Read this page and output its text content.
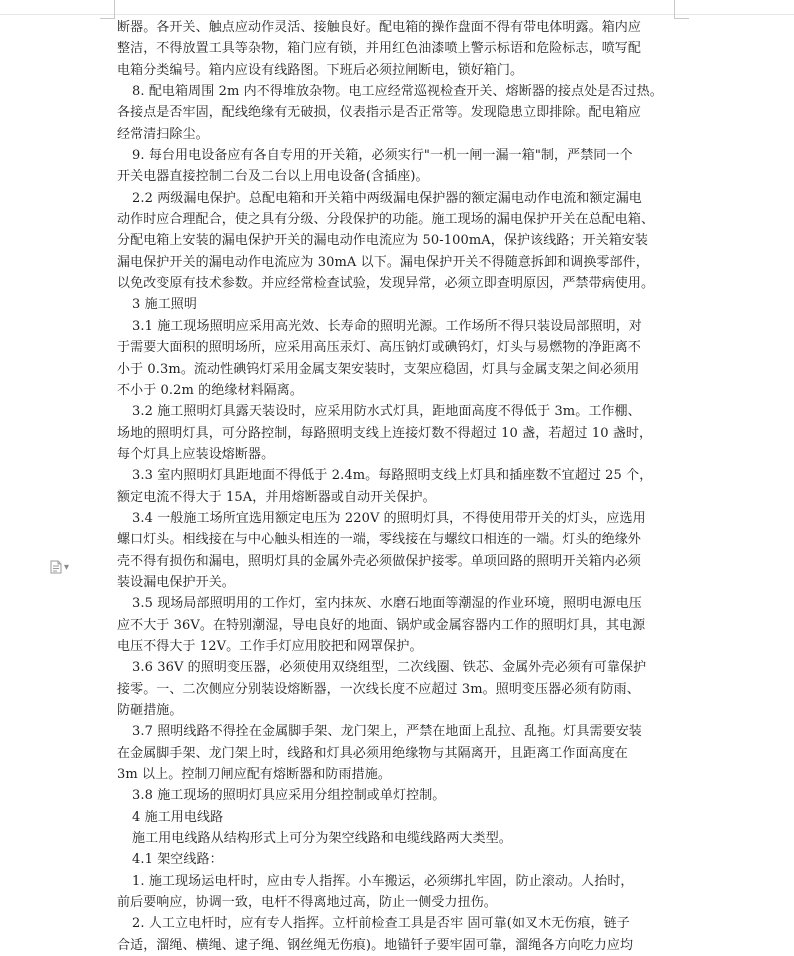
断器。各开关、触点应动作灵活、接触良好。配电箱的操作盘面不得有带电体明露。箱内应
整洁，不得放置工具等杂物，箱门应有锁，并用红色油漆喷上警示标语和危险标志，喷写配
电箱分类编号。箱内应设有线路图。下班后必须拉闸断电，锁好箱门。
8. 配电箱周围 2m 内不得堆放杂物。电工应经常巡视检查开关、熔断器的接点处是否过热。
各接点是否牢固，配线绝缘有无破损，仪表指示是否正常等。发现隐患立即排除。配电箱应
经常清扫除尘。
9. 每台用电设备应有各自专用的开关箱，必须实行"一机一闸一漏一箱"制，严禁同一个
开关电器直接控制二台及二台以上用电设备(含插座)。
2.2 两级漏电保护。总配电箱和开关箱中两级漏电保护器的额定漏电动作电流和额定漏电
动作时应合理配合，使之具有分级、分段保护的功能。施工现场的漏电保护开关在总配电箱、
分配电箱上安装的漏电保护开关的漏电动作电流应为 50-100mA，保护该线路；开关箱安装
漏电保护开关的漏电动作电流应为 30mA 以下。漏电保护开关不得随意拆卸和调换零部件，
以免改变原有技术参数。并应经常检查试验，发现异常，必须立即查明原因，严禁带病使用。
3 施工照明
3.1 施工现场照明应采用高光效、长寿命的照明光源。工作场所不得只装设局部照明，对
于需要大面积的照明场所，应采用高压汞灯、高压钠灯或碘钨灯，灯头与易燃物的净距离不
小于 0.3m。流动性碘钨灯采用金属支架安装时，支架应稳固，灯具与金属支架之间必须用
不小于 0.2m 的绝缘材料隔离。
3.2 施工照明灯具露天装设时，应采用防水式灯具，距地面高度不得低于 3m。工作棚、
场地的照明灯具，可分路控制，每路照明支线上连接灯数不得超过 10 盏，若超过 10 盏时，
每个灯具上应装设熔断器。
3.3 室内照明灯具距地面不得低于 2.4m。每路照明支线上灯具和插座数不宜超过 25 个，
额定电流不得大于 15A，并用熔断器或自动开关保护。
3.4 一般施工场所宜选用额定电压为 220V 的照明灯具，不得使用带开关的灯头，应选用
螺口灯头。相线接在与中心触头相连的一端，零线接在与螺纹口相连的一端。灯头的绝缘外
壳不得有损伤和漏电，照明灯具的金属外壳必须做保护接零。单项回路的照明开关箱内必须
装设漏电保护开关。
3.5 现场局部照明用的工作灯，室内抹灰、水磨石地面等潮湿的作业环境，照明电源电压
应不大于 36V。在特别潮湿，导电良好的地面、锅炉或金属容器内工作的照明灯具，其电源
电压不得大于 12V。工作手灯应用胶把和网罩保护。
3.6 36V 的照明变压器，必须使用双绕组型，二次线圈、铁芯、金属外壳必须有可靠保护
接零。一、二次侧应分别装设熔断器，一次线长度不应超过 3m。照明变压器必须有防雨、
防砸措施。
3.7 照明线路不得拴在金属脚手架、龙门架上，严禁在地面上乱拉、乱拖。灯具需要安装
在金属脚手架、龙门架上时，线路和灯具必须用绝缘物与其隔离开，且距离工作面高度在
3m 以上。控制刀闸应配有熔断器和防雨措施。
3.8 施工现场的照明灯具应采用分组控制或单灯控制。
4 施工用电线路
施工用电线路从结构形式上可分为架空线路和电缆线路两大类型。
4.1 架空线路：
1. 施工现场运电杆时，应由专人指挥。小车搬运，必须绑扎牢固，防止滚动。人抬时，
前后要响应，协调一致，电杆不得离地过高，防止一侧受力扭伤。
2. 人工立电杆时，应有专人指挥。立杆前检查工具是否牢 固可靠(如叉木无伤痕，链子
合适，溜绳、横绳、逮子绳、钢丝绳无伤痕)。地锚钎子要牢固可靠，溜绳各方向吃力应均
▾
